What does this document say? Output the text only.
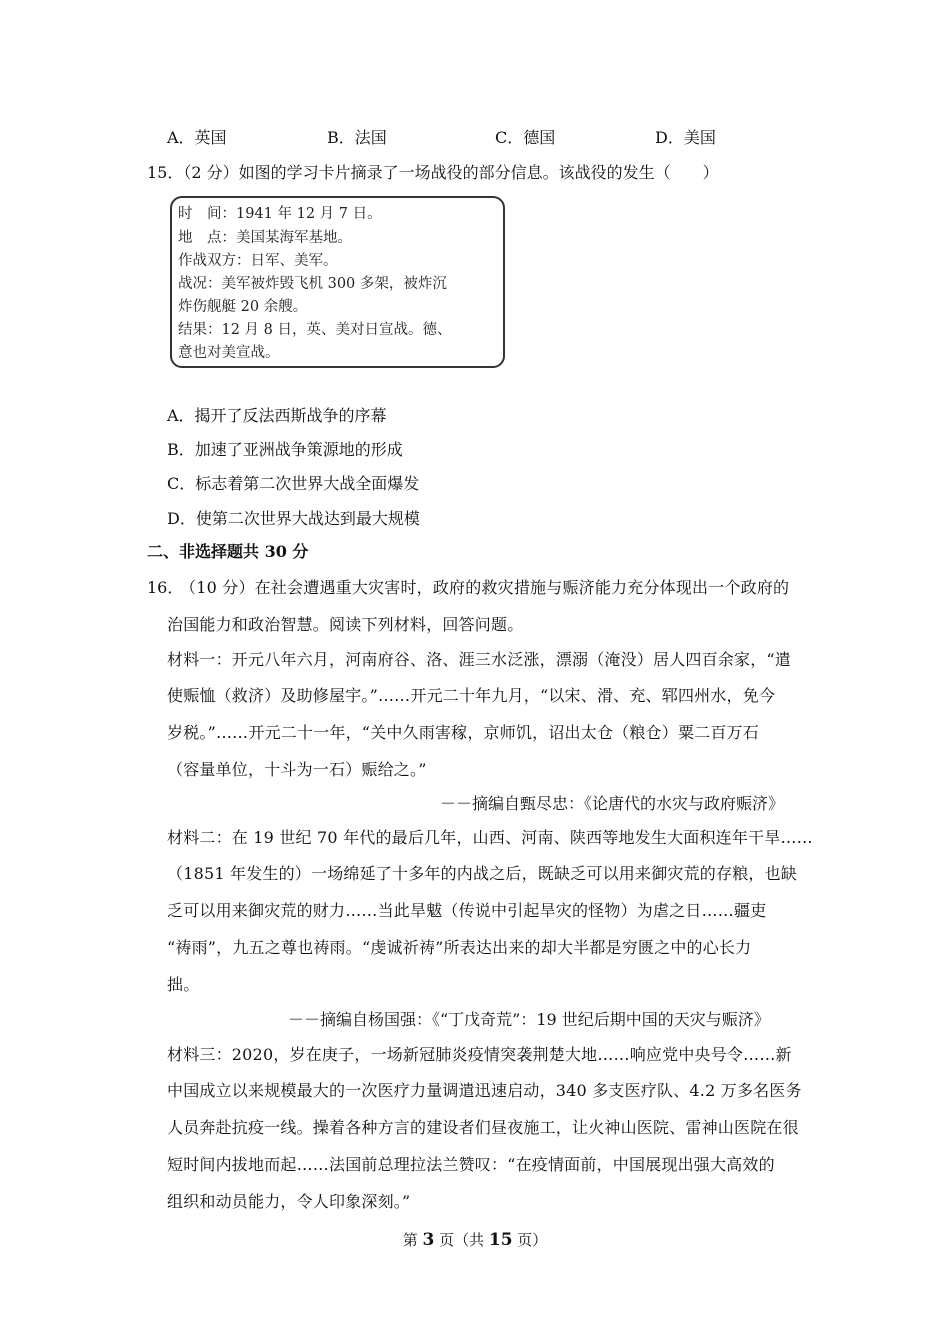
A．英国	B．法国	C．德国	D．美国
15．（2 分）如图的学习卡片摘录了一场战役的部分信息。该战役的发生（　　）
时　间：1941 年 12 月 7 日。
地　点：美国某海军基地。
作战双方：日军、美军。
战况：美军被炸毁飞机 300 多架，被炸沉
炸伤舰艇 20 余艘。
结果：12 月 8 日，英、美对日宣战。德、
意也对美宣战。
A．揭开了反法西斯战争的序幕
B．加速了亚洲战争策源地的形成
C．标志着第二次世界大战全面爆发
D．使第二次世界大战达到最大规模
二、非选择题共 30 分
16．
（10 分）在社会遭遇重大灾害时，政府的救灾措施与赈济能力充分体现出一个政府的
治国能力和政治智慧。阅读下列材料，回答问题。
材料一：开元八年六月，河南府谷、洛、涯三水泛涨，漂溺（淹没）居人四百余家，“遣
使赈恤（救济）及助修屋宇。”……开元二十年九月，“以宋、滑、充、郓四州水，免今
岁税。”……开元二十一年，“关中久雨害稼，京师饥，诏出太仓（粮仓）粟二百万石
（容量单位，十斗为一石）赈给之。”
－－摘编自甄尽忠：《论唐代的水灾与政府赈济》
材料二：在 19 世纪 70 年代的最后几年，山西、河南、陕西等地发生大面积连年干旱……
（1851 年发生的）一场绵延了十多年的内战之后，既缺乏可以用来御灾荒的存粮，也缺
乏可以用来御灾荒的财力……当此旱魃（传说中引起旱灾的怪物）为虐之日……疆吏
“祷雨”，九五之尊也祷雨。“虔诚祈祷”所表达出来的却大半都是穷匮之中的心长力
拙。
－－摘编自杨国强：《“丁戊奇荒”：19 世纪后期中国的天灾与赈济》
材料三：2020，岁在庚子，一场新冠肺炎疫情突袭荆楚大地……响应党中央号令……新
中国成立以来规模最大的一次医疗力量调遣迅速启动，340 多支医疗队、4.2 万多名医务
人员奔赴抗疫一线。操着各种方言的建设者们昼夜施工，让火神山医院、雷神山医院在很
短时间内拔地而起……法国前总理拉法兰赞叹：“在疫情面前，中国展现出强大高效的
组织和动员能力，令人印象深刻。”
第 3 页（共 15 页）
